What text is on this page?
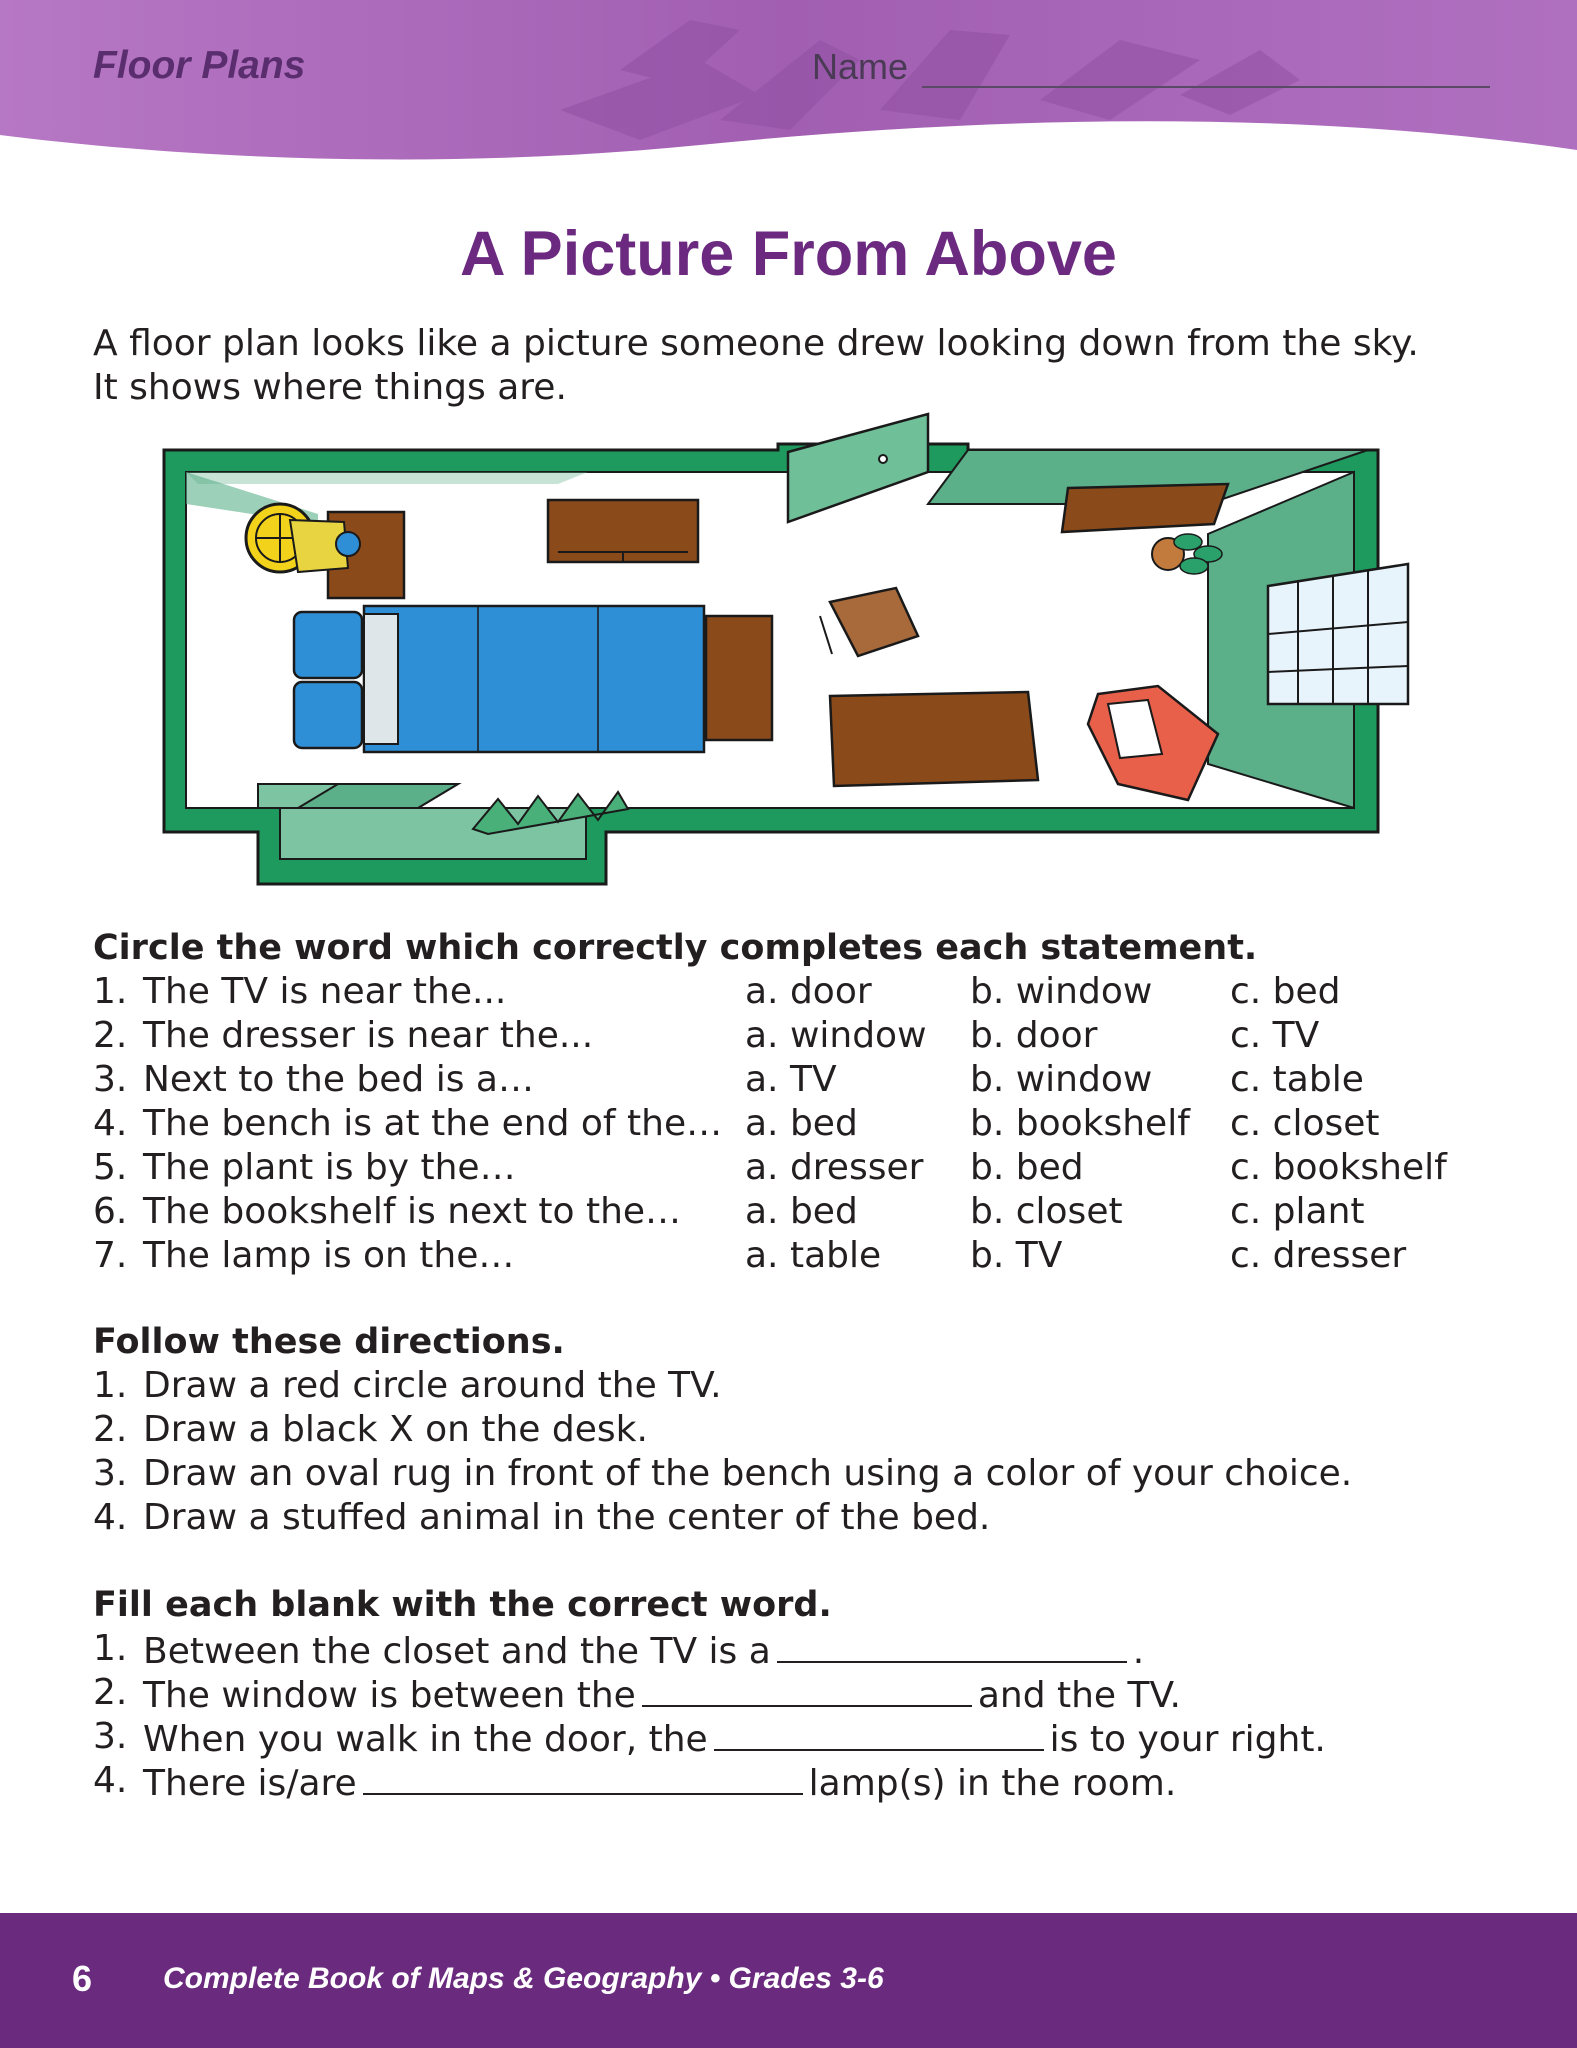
Floor Plans	Name
A Picture From Above
A floor plan looks like a picture someone drew looking down from the sky.
It shows where things are.
Circle the word which correctly completes each statement.
1. The TV is near the...	a. door	b. window c. bed
2. The dresser is near the...	a. window b. door	c. TV
3. Next to the bed is a…	a. TV	b. window c. table
4. The bench is at the end of the… a. bed	b. bookshelf c. closet
5. The plant is by the…	a. dresser b. bed	c. bookshelf
6. The bookshelf is next to the… a. bed	b. closet	c. plant
7. The lamp is on the…	a. table b. TV	c. dresser
Follow these directions.
1. Draw a red circle around the TV.
2. Draw a black X on the desk.
3. Draw an oval rug in front of the bench using a color of your choice.
4. Draw a stuffed animal in the center of the bed.
Fill each blank with the correct word.
1. Between the closet and the TV is a	.
2. The window is between the	and the TV.
3. When you walk in the door, the	is to your right.
4. There is/are	lamp(s) in the room.
6 Complete Book of Maps & Geography • Grades 3-6
